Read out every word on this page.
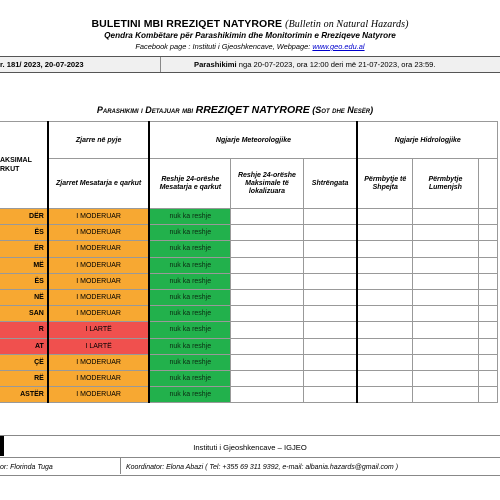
BULETINI MBI RREZIQET NATYRORE (Bulletin on Natural Hazards)
Qendra Kombëtare për Parashikimin dhe Monitorimin e Rreziqeve Natyrore
Facebook page : Instituti i Gjeoshkencave, Webpage: www.geo.edu.al
r. 181/ 2023, 20-07-2023	Parashikimi nga 20-07-2023, ora 12:00 deri më 21-07-2023, ora 23:59.
Parashikimi i Detajuar mbi RREZIQET NATYRORE (Sot dhe Nesër)
AKSIMAL RKUT	Zjarre në pyje	Ngjarje Meteorologjike			Ngjarje Hidrologjike		
	Zjarret Mesatarja e qarkut	Reshje 24-orëshe Mesatarja e qarkut	Reshje 24-orëshe Maksimale të lokalizuara	Shtrëngata	Përmbytje të Shpejta	Përmbytje Lumenjsh	
DËR	I MODERUAR	nuk ka reshje					
ËS	I MODERUAR	nuk ka reshje					
ËR	I MODERUAR	nuk ka reshje					
MË	I MODERUAR	nuk ka reshje					
ËS	I MODERUAR	nuk ka reshje					
NË	I MODERUAR	nuk ka reshje					
SAN	I MODERUAR	nuk ka reshje					
R	I LARTË	nuk ka reshje					
AT	I LARTË	nuk ka reshje					
ÇË	I MODERUAR	nuk ka reshje					
RË	I MODERUAR	nuk ka reshje					
ASTËR	I MODERUAR	nuk ka reshje					
Instituti i Gjeoshkencave – IGJEO
or: Florinda Tuga	Koordinator: Elona Abazi ( Tel: +355 69 311 9392, e-mail: albania.hazards@gmail.com )
